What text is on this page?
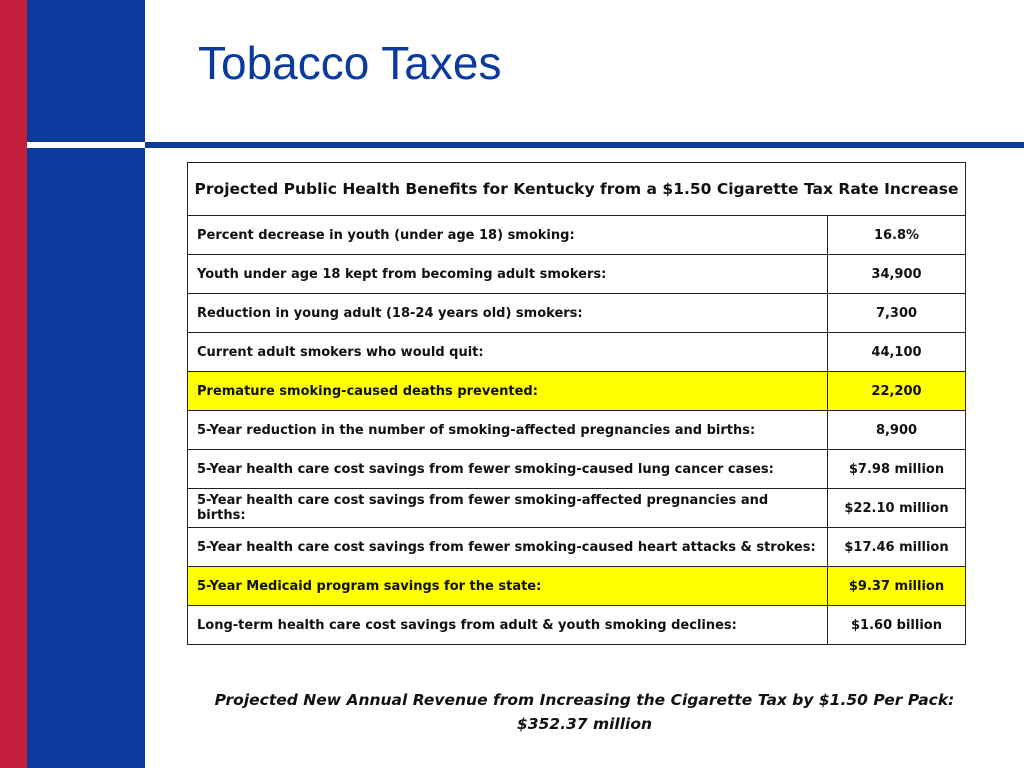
Tobacco Taxes
Projected Public Health Benefits for Kentucky from a $1.50 Cigarette Tax Rate Increase	
Percent decrease in youth (under age 18) smoking:	16.8%
Youth under age 18 kept from becoming adult smokers:	34,900
Reduction in young adult (18-24 years old) smokers:	7,300
Current adult smokers who would quit:	44,100
Premature smoking-caused deaths prevented:	22,200
5-Year reduction in the number of smoking-affected pregnancies and births:	8,900
5-Year health care cost savings from fewer smoking-caused lung cancer cases:	$7.98 million
5-Year health care cost savings from fewer smoking-affected pregnancies and births:	$22.10 million
5-Year health care cost savings from fewer smoking-caused heart attacks & strokes:	$17.46 million
5-Year Medicaid program savings for the state:	$9.37 million
Long-term health care cost savings from adult & youth smoking declines:	$1.60 billion
Projected New Annual Revenue from Increasing the Cigarette Tax by $1.50 Per Pack:
$352.37 million
